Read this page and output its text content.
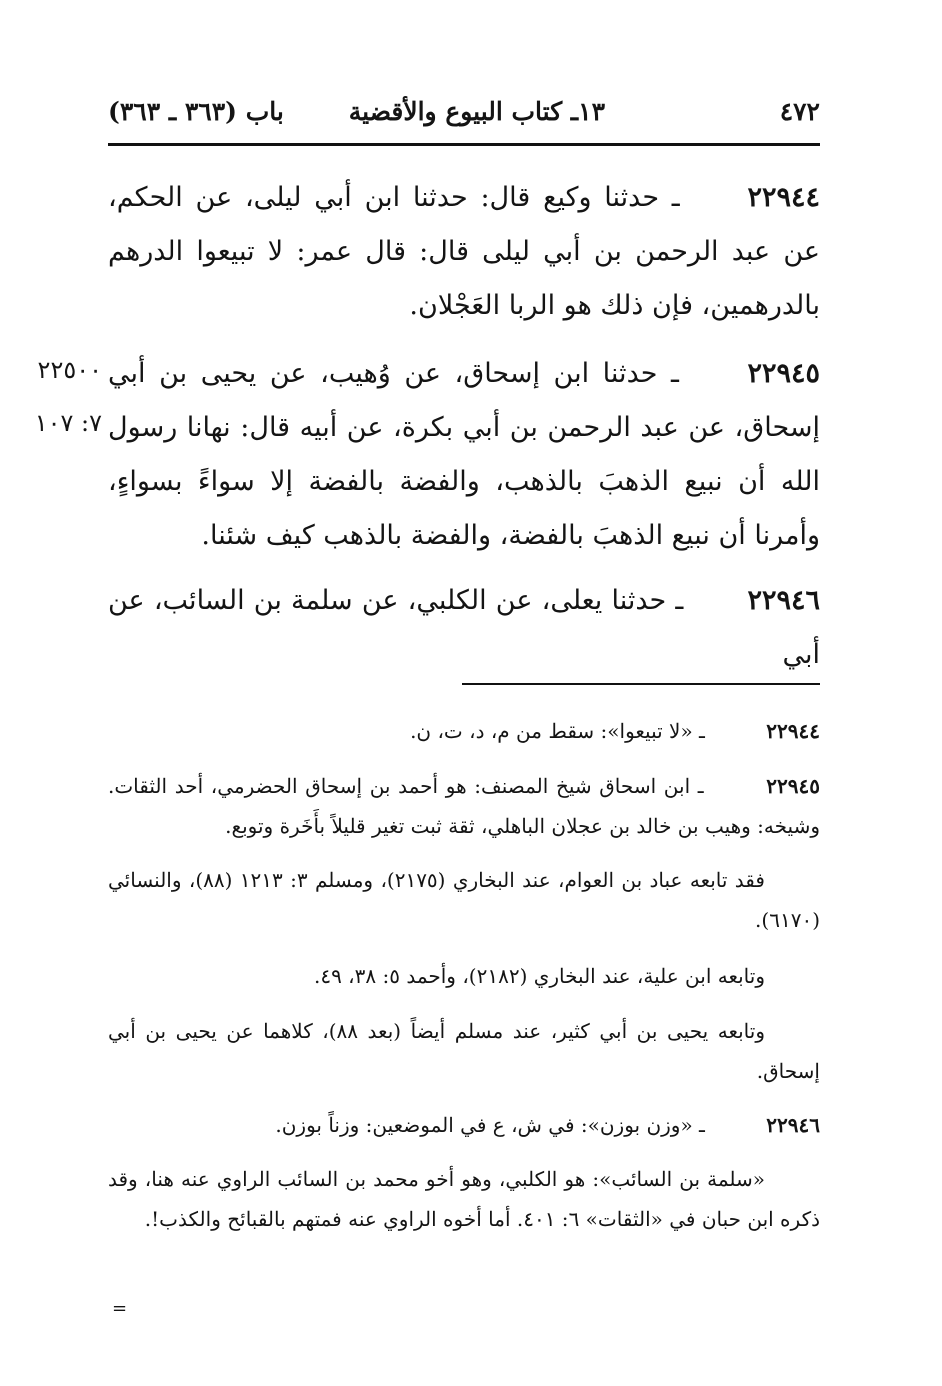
٤٧٢
١٣ـ كتاب البيوع والأقضية
باب (٣٦٣ ـ ٣٦٣)
٢٢٩٤٤ ـ حدثنا وكيع قال: حدثنا ابن أبي ليلى، عن الحكم، عن عبد الرحمن بن أبي ليلى قال: قال عمر: لا تبيعوا الدرهم بالدرهمين، فإن ذلك هو الربا العَجْلان.
٢٢٩٤٥ ـ حدثنا ابن إسحاق، عن وُهيب، عن يحيى بن أبي إسحاق، عن عبد الرحمن بن أبي بكرة، عن أبيه قال: نهانا رسول الله أن نبيع الذهبَ بالذهب، والفضة بالفضة إلا سواءً بسواءٍ، وأمرنا أن نبيع الذهبَ بالفضة، والفضة بالذهب كيف شئنا.
٢٢٥٠٠
٧: ١٠٧
٢٢٩٤٦ ـ حدثنا يعلى، عن الكلبي، عن سلمة بن السائب، عن أبي
٢٢٩٤٤ ـ «لا تبيعوا»: سقط من م، د، ت، ن.
٢٢٩٤٥ ـ ابن اسحاق شيخ المصنف: هو أحمد بن إسحاق الحضرمي، أحد الثقات. وشيخه: وهيب بن خالد بن عجلان الباهلي، ثقة ثبت تغير قليلاً بأَخَرة وتوبع.
فقد تابعه عباد بن العوام، عند البخاري (٢١٧٥)، ومسلم ٣: ١٢١٣ (٨٨)، والنسائي (٦١٧٠).
وتابعه ابن علية، عند البخاري (٢١٨٢)، وأحمد ٥: ٣٨، ٤٩.
وتابعه يحيى بن أبي كثير، عند مسلم أيضاً (بعد ٨٨)، كلاهما عن يحيى بن أبي إسحاق.
٢٢٩٤٦ ـ «وزن بوزن»: في ش، ع في الموضعين: وزناً بوزن.
«سلمة بن السائب»: هو الكلبي، وهو أخو محمد بن السائب الراوي عنه هنا، وقد ذكره ابن حبان في «الثقات» ٦: ٤٠١. أما أخوه الراوي عنه فمتهم بالقبائح والكذب!.
=
